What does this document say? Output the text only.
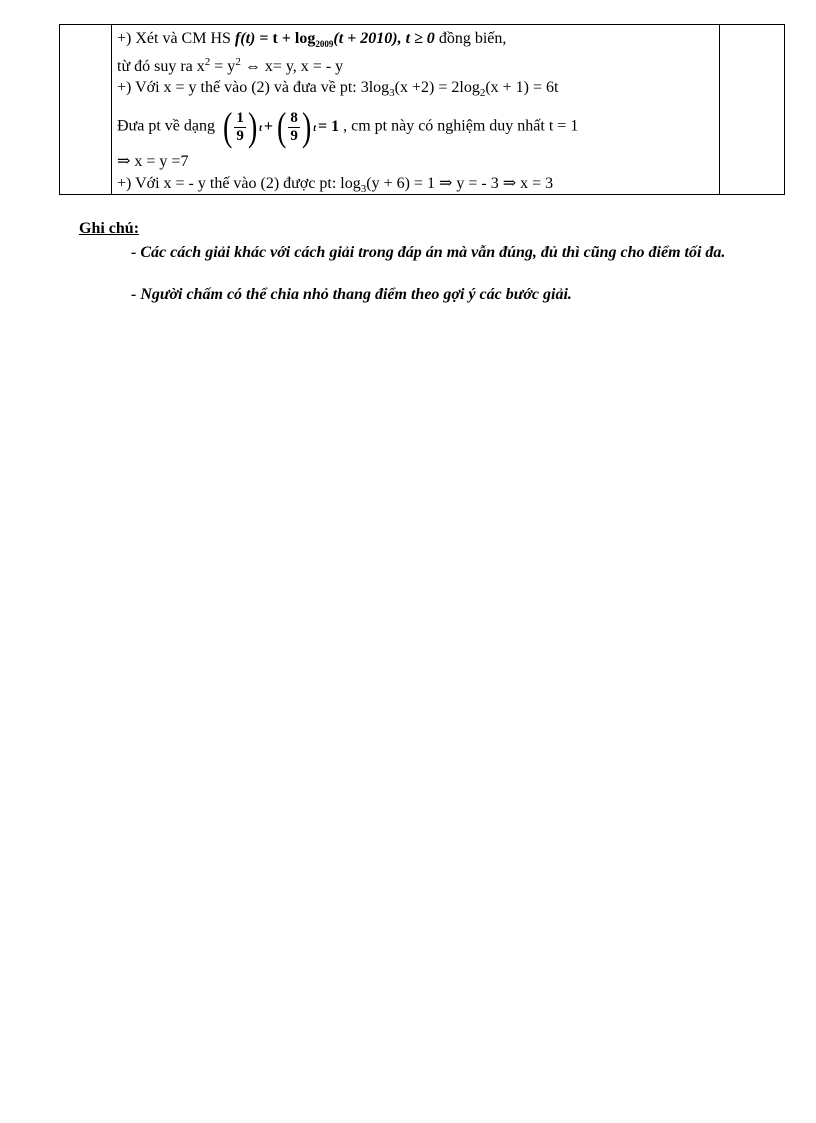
+) Xét và CM HS $f(t) = t + \log_{2009}(t + 2010)$, t ≥ 0 đồng biến,
từ đó suy ra $x^2 = y^2$ ⇔ x= y, x = - y
+) Với x = y thế vào (2) và đưa về pt: $3\log_3(x +2) = 2\log_2(x + 1) = 6t$
Đưa pt về dạng ( $\frac{1}{9}$ ) t + ( $\frac{8}{9}$ ) t = 1 , cm pt này có nghiệm duy nhất t = 1
⇒ x = y =7
+) Với x = - y thế vào (2) được pt: $\log_3(y + 6) = 1$ ⇒ y = - 3 ⇒ x = 3
Ghi chú:
- Các cách giải khác với cách giải trong đáp án mà vẫn đúng, đủ thì cũng cho điểm tối đa.
- Người chấm có thể chia nhỏ thang điểm theo gợi ý các bước giải.
